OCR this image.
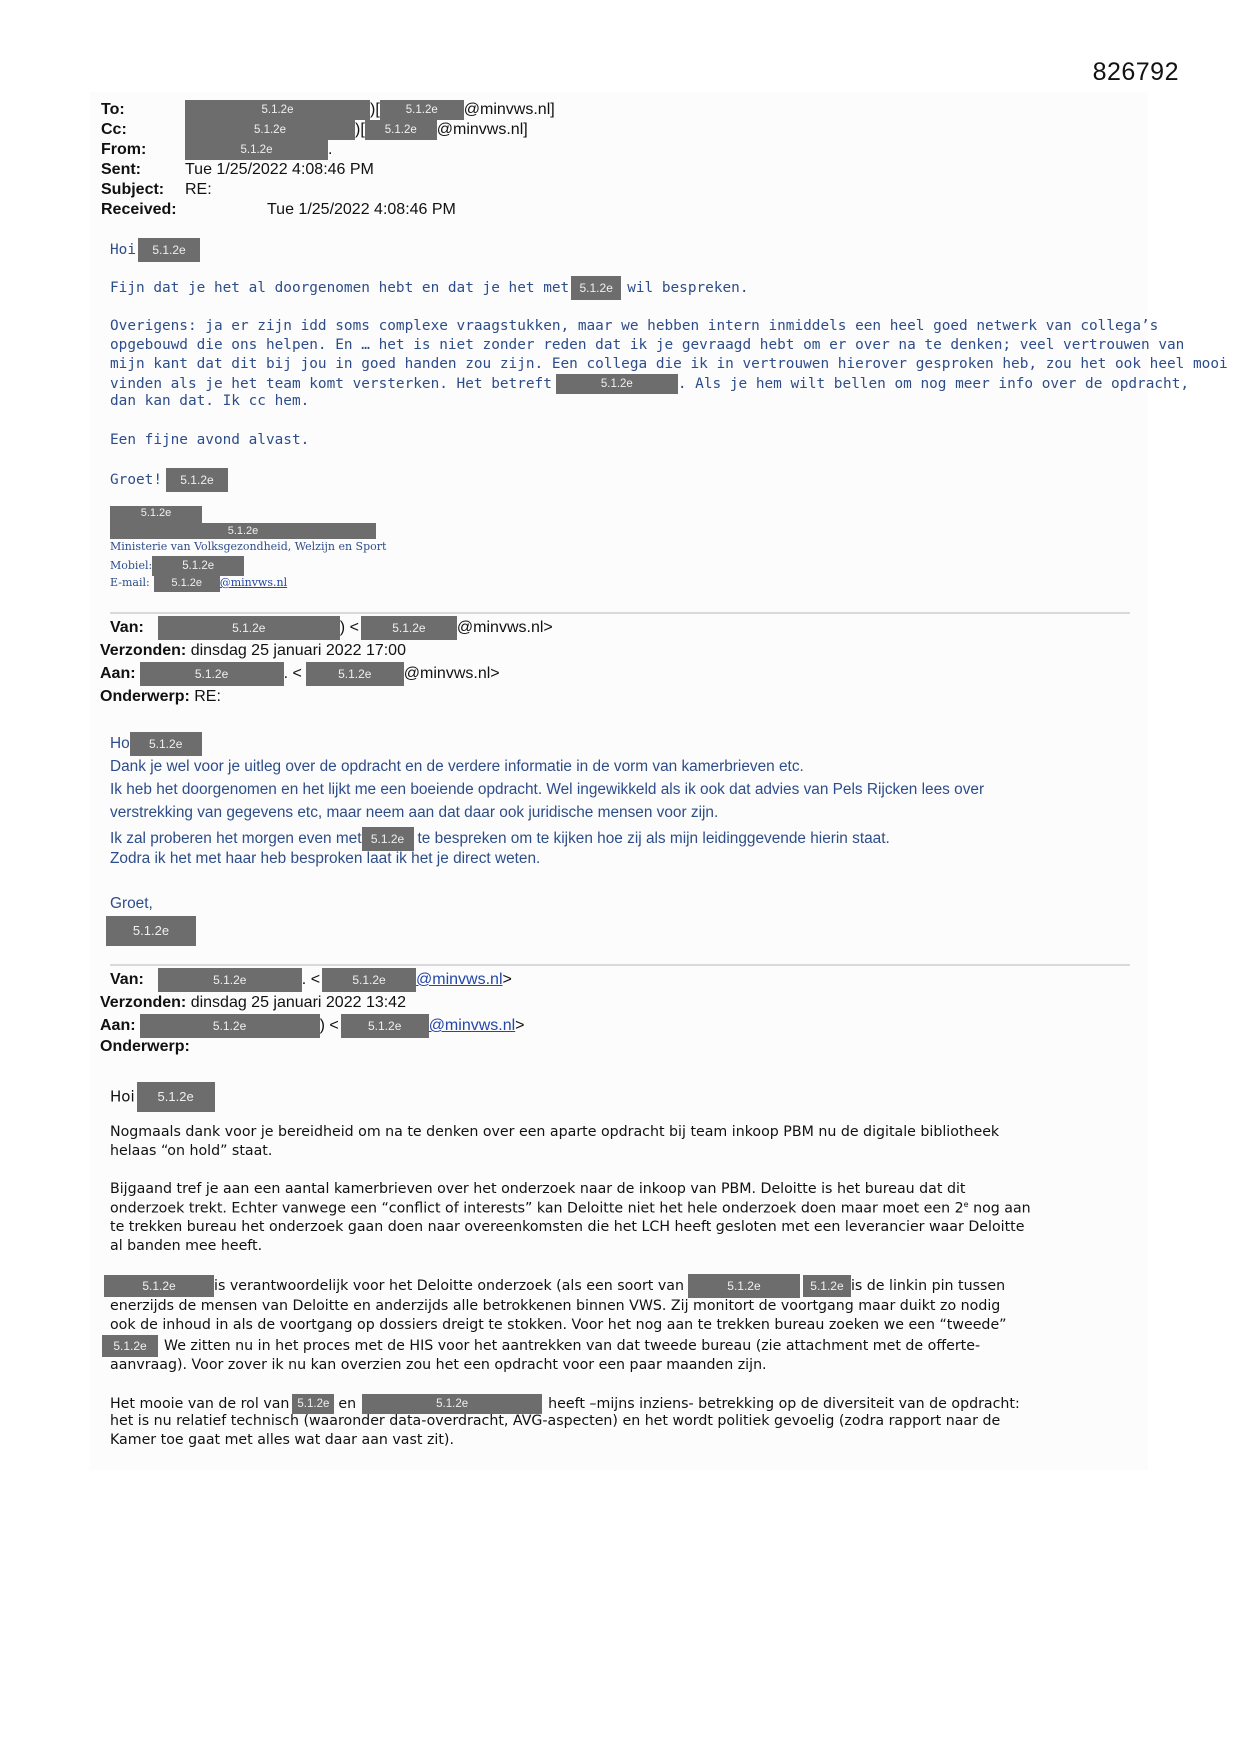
826792
To:	5.1.2e	)[ 5.1.2e @minvws.nl]
Cc:	5.1.2e	)[ 5.1.2e @minvws.nl]
From:	5.1.2e	.
Sent:	Tue 1/25/2022 4:08:46 PM
Subject: RE:
Received:	Tue 1/25/2022 4:08:46 PM
Hoi 5.1.2e
Fijn dat je het al doorgenomen hebt en dat je het met 5.1.2e wil bespreken.
Overigens: ja er zijn idd soms complexe vraagstukken, maar we hebben intern inmiddels een heel goed netwerk van collega’s
opgebouwd die ons helpen. En … het is niet zonder reden dat ik je gevraagd hebt om er over na te denken; veel vertrouwen van
mijn kant dat dit bij jou in goed handen zou zijn. Een collega die ik in vertrouwen hierover gesproken heb, zou het ook heel mooi
vinden als je het team komt versterken. Het betreft	5.1.2e	. Als je hem wilt bellen om nog meer info over de opdracht,
dan kan dat. Ik cc hem.
Een fijne avond alvast.
Groet! 5.1.2e
5.1.2e
5.1.2e
Ministerie van Volksgezondheid, Welzijn en Sport
Mobiel:	5.1.2e
E-mail: 5.1.2e @minvws.nl
Van:	5.1.2e	) <	5.1.2e @minvws.nl>
Verzonden: dinsdag 25 januari 2022 17:00
Aan:	5.1.2e	. <	5.1.2e @minvws.nl>
Onderwerp: RE:
Ho 5.1.2e
Dank je wel voor je uitleg over de opdracht en de verdere informatie in de vorm van kamerbrieven etc.
Ik heb het doorgenomen en het lijkt me een boeiende opdracht. Wel ingewikkeld als ik ook dat advies van Pels Rijcken lees over
verstrekking van gegevens etc, maar neem aan dat daar ook juridische mensen voor zijn.
Ik zal proberen het morgen even met 5.1.2e te bespreken om te kijken hoe zij als mijn leidinggevende hierin staat.
Zodra ik het met haar heb besproken laat ik het je direct weten.
Groet,
5.1.2e
Van:	5.1.2e	. <	5.1.2e @minvws.nl>
Verzonden: dinsdag 25 januari 2022 13:42
Aan:	5.1.2e	) < 5.1.2e @minvws.nl>
Onderwerp:
Hoi 5.1.2e
Nogmaals dank voor je bereidheid om na te denken over een aparte opdracht bij team inkoop PBM nu de digitale bibliotheek
helaas “on hold” staat.
Bijgaand tref je aan een aantal kamerbrieven over het onderzoek naar de inkoop van PBM. Deloitte is het bureau dat dit
onderzoek trekt. Echter vanwege een “conflict of interests” kan Deloitte niet het hele onderzoek doen maar moet een 2e nog aan
te trekken bureau het onderzoek gaan doen naar overeenkomsten die het LCH heeft gesloten met een leverancier waar Deloitte
al banden mee heeft.
5.1.2e	is verantwoordelijk voor het Deloitte onderzoek (als een soort van	5.1.2e	5.1.2e is de linkin pin tussen
enerzijds de mensen van Deloitte en anderzijds alle betrokkenen binnen VWS. Zij monitort de voortgang maar duikt zo nodig
ook de inhoud in als de voortgang op dossiers dreigt te stokken. Voor het nog aan te trekken bureau zoeken we een “tweede”
5.1.2e We zitten nu in het proces met de HIS voor het aantrekken van dat tweede bureau (zie attachment met de offerte-
aanvraag). Voor zover ik nu kan overzien zou het een opdracht voor een paar maanden zijn.
Het mooie van de rol van 5.1.2e en	5.1.2e	heeft –mijns inziens- betrekking op de diversiteit van de opdracht:
het is nu relatief technisch (waaronder data-overdracht, AVG-aspecten) en het wordt politiek gevoelig (zodra rapport naar de
Kamer toe gaat met alles wat daar aan vast zit).
